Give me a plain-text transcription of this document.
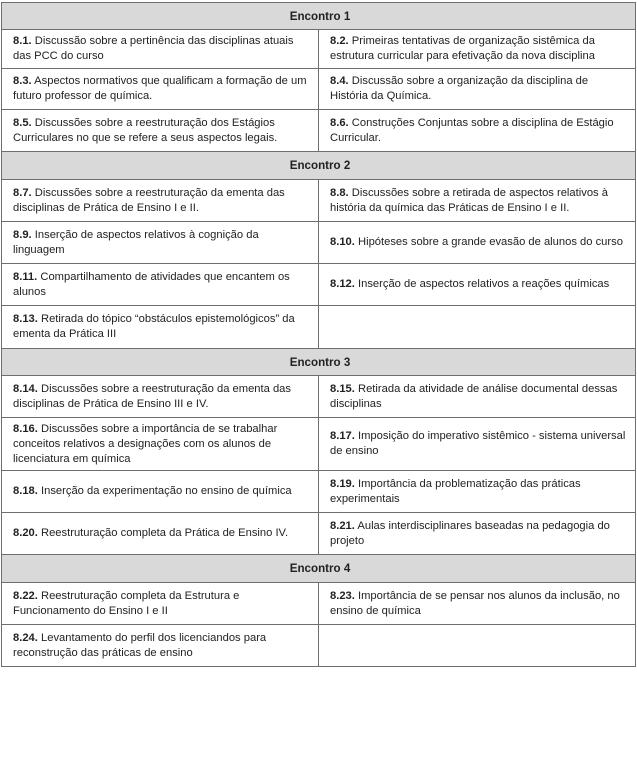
Encontro 1	
8.1. Discussão sobre a pertinência das disciplinas atuais das PCC do curso	8.2. Primeiras tentativas de organização sistêmica da estrutura curricular para efetivação da nova disciplina
8.3. Aspectos normativos que qualificam a formação de um futuro professor de química.	8.4. Discussão sobre a organização da disciplina de História da Química.
8.5. Discussões sobre a reestruturação dos Estágios Curriculares no que se refere a seus aspectos legais.	8.6. Construções Conjuntas sobre a disciplina de Estágio Curricular.
Encontro 2	
8.7. Discussões sobre a reestruturação da ementa das disciplinas de Prática de Ensino I e II.	8.8. Discussões sobre a retirada de aspectos relativos à história da química das Práticas de Ensino I e II.
8.9. Inserção de aspectos relativos à cognição da linguagem	8.10. Hipóteses sobre a grande evasão de alunos do curso
8.11. Compartilhamento de atividades que encantem os alunos	8.12. Inserção de aspectos relativos a reações químicas
8.13. Retirada do tópico “obstáculos epistemológicos” da ementa da Prática III	
Encontro 3	
8.14. Discussões sobre a reestruturação da ementa das disciplinas de Prática de Ensino III e IV.	8.15. Retirada da atividade de análise documental dessas disciplinas
8.16. Discussões sobre a importância de se trabalhar conceitos relativos a designações com os alunos de licenciatura em química	8.17. Imposição do imperativo sistêmico - sistema universal de ensino
8.18. Inserção da experimentação no ensino de química	8.19. Importância da problematização das práticas experimentais
8.20. Reestruturação completa da Prática de Ensino IV.	8.21. Aulas interdisciplinares baseadas na pedagogia do projeto
Encontro 4	
8.22. Reestruturação completa da Estrutura e Funcionamento do Ensino I e II	8.23. Importância de se pensar nos alunos da inclusão, no ensino de química
8.24. Levantamento do perfil dos licenciandos para reconstrução das práticas de ensino	
